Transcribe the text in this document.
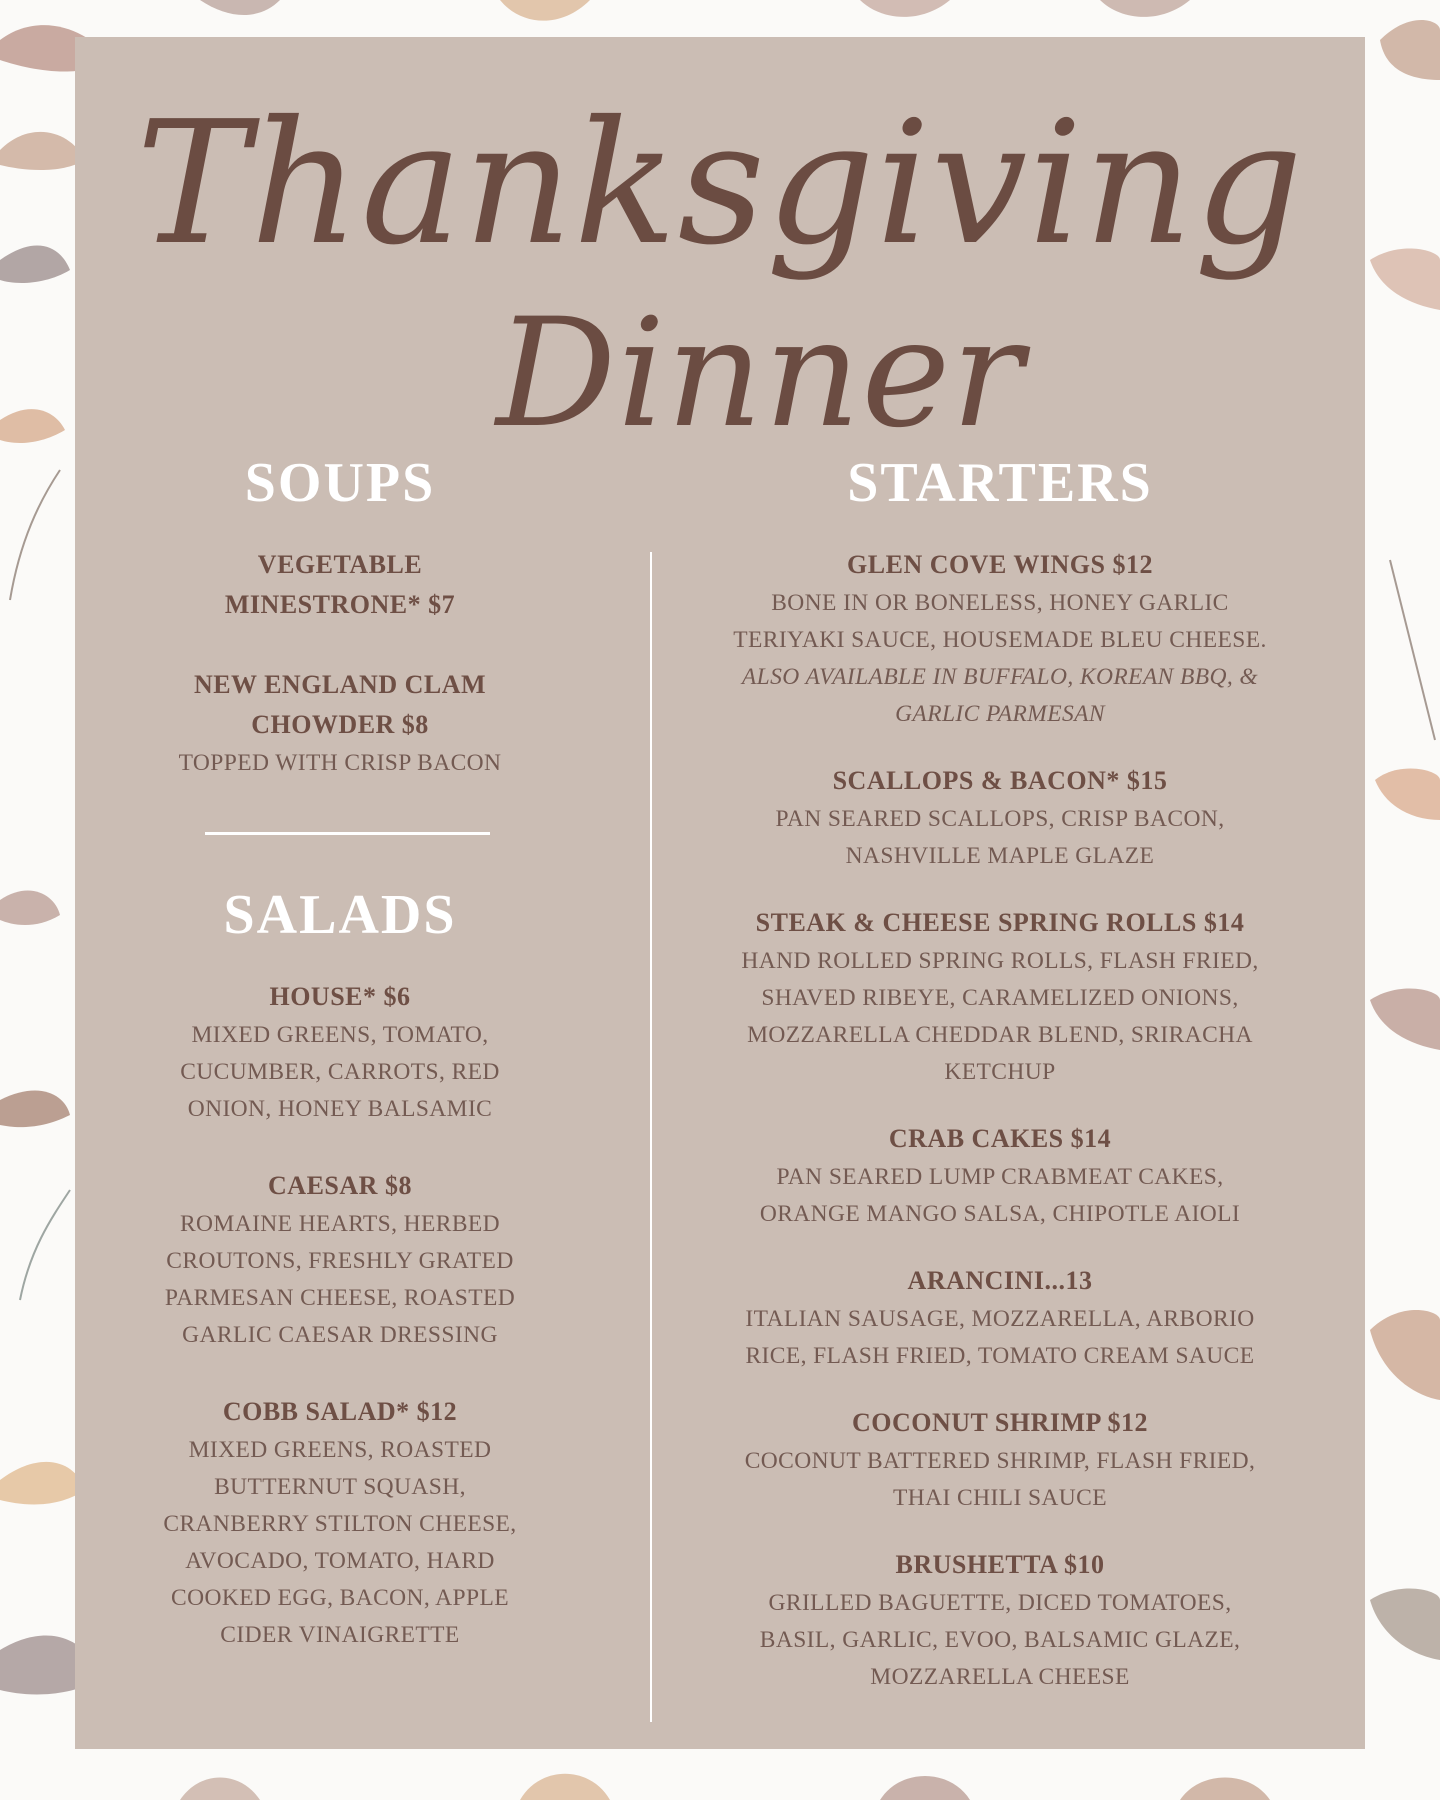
Thanksgiving
Dinner
SOUPS
VEGETABLE MINESTRONE* $7
NEW ENGLAND CLAM CHOWDER $8
TOPPED WITH CRISP BACON
SALADS
HOUSE* $6
MIXED GREENS, TOMATO, CUCUMBER, CARROTS, RED ONION, HONEY BALSAMIC
CAESAR $8
ROMAINE HEARTS, HERBED CROUTONS, FRESHLY GRATED PARMESAN CHEESE, ROASTED GARLIC CAESAR DRESSING
COBB SALAD* $12
MIXED GREENS, ROASTED BUTTERNUT SQUASH, CRANBERRY STILTON CHEESE, AVOCADO, TOMATO, HARD COOKED EGG, BACON, APPLE CIDER VINAIGRETTE
STARTERS
GLEN COVE WINGS $12
BONE IN OR BONELESS, HONEY GARLIC TERIYAKI SAUCE, HOUSEMADE BLEU CHEESE.
ALSO AVAILABLE IN BUFFALO, KOREAN BBQ, & GARLIC PARMESAN
SCALLOPS & BACON* $15
PAN SEARED SCALLOPS, CRISP BACON, NASHVILLE MAPLE GLAZE
STEAK & CHEESE SPRING ROLLS $14
HAND ROLLED SPRING ROLLS, FLASH FRIED, SHAVED RIBEYE, CARAMELIZED ONIONS, MOZZARELLA CHEDDAR BLEND, SRIRACHA KETCHUP
CRAB CAKES $14
PAN SEARED LUMP CRABMEAT CAKES, ORANGE MANGO SALSA, CHIPOTLE AIOLI
ARANCINI...13
ITALIAN SAUSAGE, MOZZARELLA, ARBORIO RICE, FLASH FRIED, TOMATO CREAM SAUCE
COCONUT SHRIMP $12
COCONUT BATTERED SHRIMP, FLASH FRIED, THAI CHILI SAUCE
BRUSHETTA $10
GRILLED BAGUETTE, DICED TOMATOES, BASIL, GARLIC, EVOO, BALSAMIC GLAZE, MOZZARELLA CHEESE
